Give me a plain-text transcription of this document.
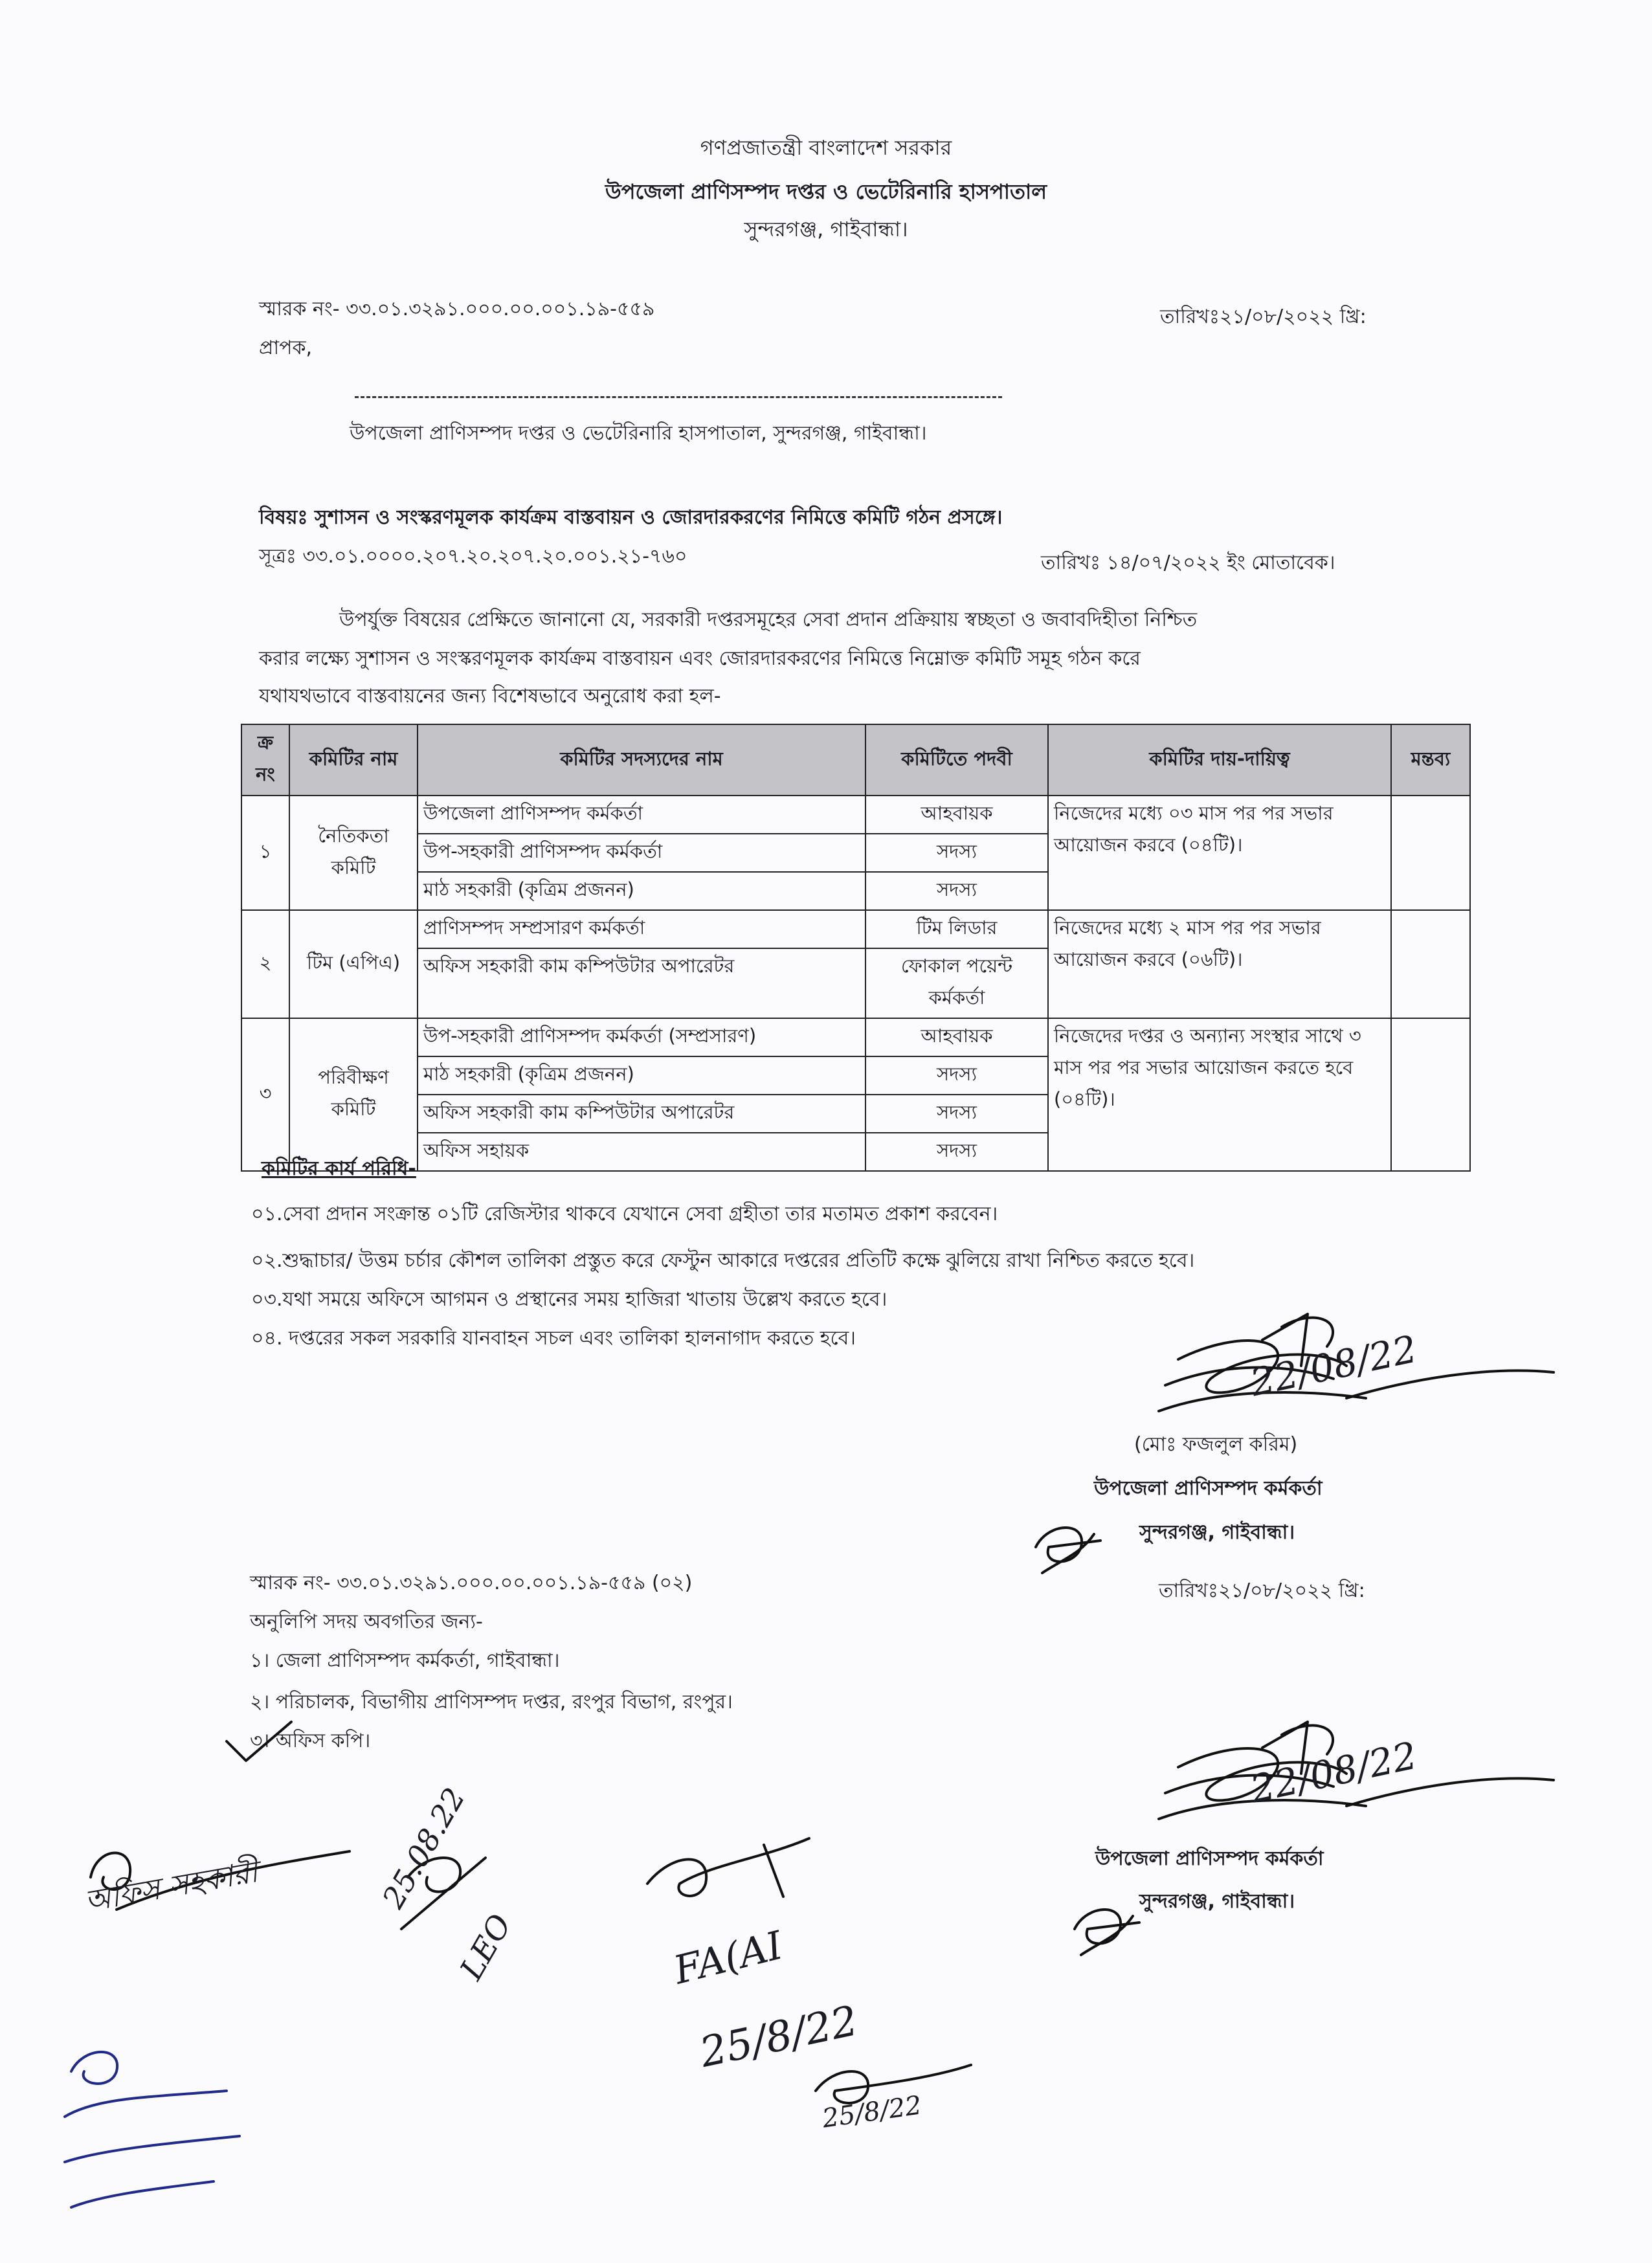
গণপ্রজাতন্ত্রী বাংলাদেশ সরকার
উপজেলা প্রাণিসম্পদ দপ্তর ও ভেটেরিনারি হাসপাতাল
সুন্দরগঞ্জ, গাইবান্ধা।
স্মারক নং- ৩৩.০১.৩২৯১.০০০.০০.০০১.১৯-৫৫৯	তারিখঃ২১/০৮/২০২২ খ্রি:
প্রাপক,
উপজেলা প্রাণিসম্পদ দপ্তর ও ভেটেরিনারি হাসপাতাল, সুন্দরগঞ্জ, গাইবান্ধা।
বিষয়ঃ সুশাসন ও সংস্করণমূলক কার্যক্রম বাস্তবায়ন ও জোরদারকরণের নিমিত্তে কমিটি গঠন প্রসঙ্গে।
সূত্রঃ ৩৩.০১.০০০০.২০৭.২০.২০৭.২০.০০১.২১-৭৬০	তারিখঃ ১৪/০৭/২০২২ ইং মোতাবেক।
উপর্যুক্ত বিষয়ের প্রেক্ষিতে জানানো যে, সরকারী দপ্তরসমূহের সেবা প্রদান প্রক্রিয়ায় স্বচ্ছতা ও জবাবদিহীতা নিশ্চিত
করার লক্ষ্যে সুশাসন ও সংস্করণমূলক কার্যক্রম বাস্তবায়ন এবং জোরদারকরণের নিমিত্তে নিম্নোক্ত কমিটি সমূহ গঠন করে
যথাযথভাবে বাস্তবায়নের জন্য বিশেষভাবে অনুরোধ করা হল-
ক্র নং	কমিটির নাম	কমিটির সদস্যদের নাম	কমিটিতে পদবী	কমিটির দায়-দায়িত্ব	মন্তব্য
১	নৈতিকতা কমিটি	উপজেলা প্রাণিসম্পদ কর্মকর্তা	আহবায়ক	নিজেদের মধ্যে ০৩ মাস পর পর সভার আয়োজন করবে (০৪টি)।	
		উপ-সহকারী প্রাণিসম্পদ কর্মকর্তা	সদস্য		
		মাঠ সহকারী (কৃত্রিম প্রজনন)	সদস্য		
২	টিম (এপিএ)	প্রাণিসম্পদ সম্প্রসারণ কর্মকর্তা	টিম লিডার	নিজেদের মধ্যে ২ মাস পর পর সভার আয়োজন করবে (০৬টি)।	
		অফিস সহকারী কাম কম্পিউটার অপারেটর	ফোকাল পয়েন্ট কর্মকর্তা		
৩	পরিবীক্ষণ কমিটি	উপ-সহকারী প্রাণিসম্পদ কর্মকর্তা (সম্প্রসারণ)	আহবায়ক	নিজেদের দপ্তর ও অন্যান্য সংস্থার সাথে ৩ মাস পর পর সভার আয়োজন করতে হবে (০৪টি)।	
		মাঠ সহকারী (কৃত্রিম প্রজনন)	সদস্য		
		অফিস সহকারী কাম কম্পিউটার অপারেটর	সদস্য		
		অফিস সহায়ক	সদস্য		
কমিটির কার্য পরিধি-
০১.সেবা প্রদান সংক্রান্ত ০১টি রেজিস্টার থাকবে যেখানে সেবা গ্রহীতা তার মতামত প্রকাশ করবেন।
০২.শুদ্ধাচার/ উত্তম চর্চার কৌশল তালিকা প্রস্তুত করে ফেস্টুন আকারে দপ্তরের প্রতিটি কক্ষে ঝুলিয়ে রাখা নিশ্চিত করতে হবে।
০৩.যথা সময়ে অফিসে আগমন ও প্রস্থানের সময় হাজিরা খাতায় উল্লেখ করতে হবে।
০৪. দপ্তরের সকল সরকারি যানবাহন সচল এবং তালিকা হালনাগাদ করতে হবে।	22/08/22
(মোঃ ফজলুল করিম)
উপজেলা প্রাণিসম্পদ কর্মকর্তা
সুন্দরগঞ্জ, গাইবান্ধা।
স্মারক নং- ৩৩.০১.৩২৯১.০০০.০০.০০১.১৯-৫৫৯ (০২)	তারিখঃ২১/০৮/২০২২ খ্রি:
অনুলিপি সদয় অবগতির জন্য-
১। জেলা প্রাণিসম্পদ কর্মকর্তা, গাইবান্ধা।
২। পরিচালক, বিভাগীয় প্রাণিসম্পদ দপ্তর, রংপুর বিভাগ, রংপুর।
৩। অফিস কপি।	22/08/22
উপজেলা প্রাণিসম্পদ কর্মকর্তা
সুন্দরগঞ্জ, গাইবান্ধা।
অফিস সহকারী	25.08.22
LEO	FA(AI
25/8/22
25/8/22
